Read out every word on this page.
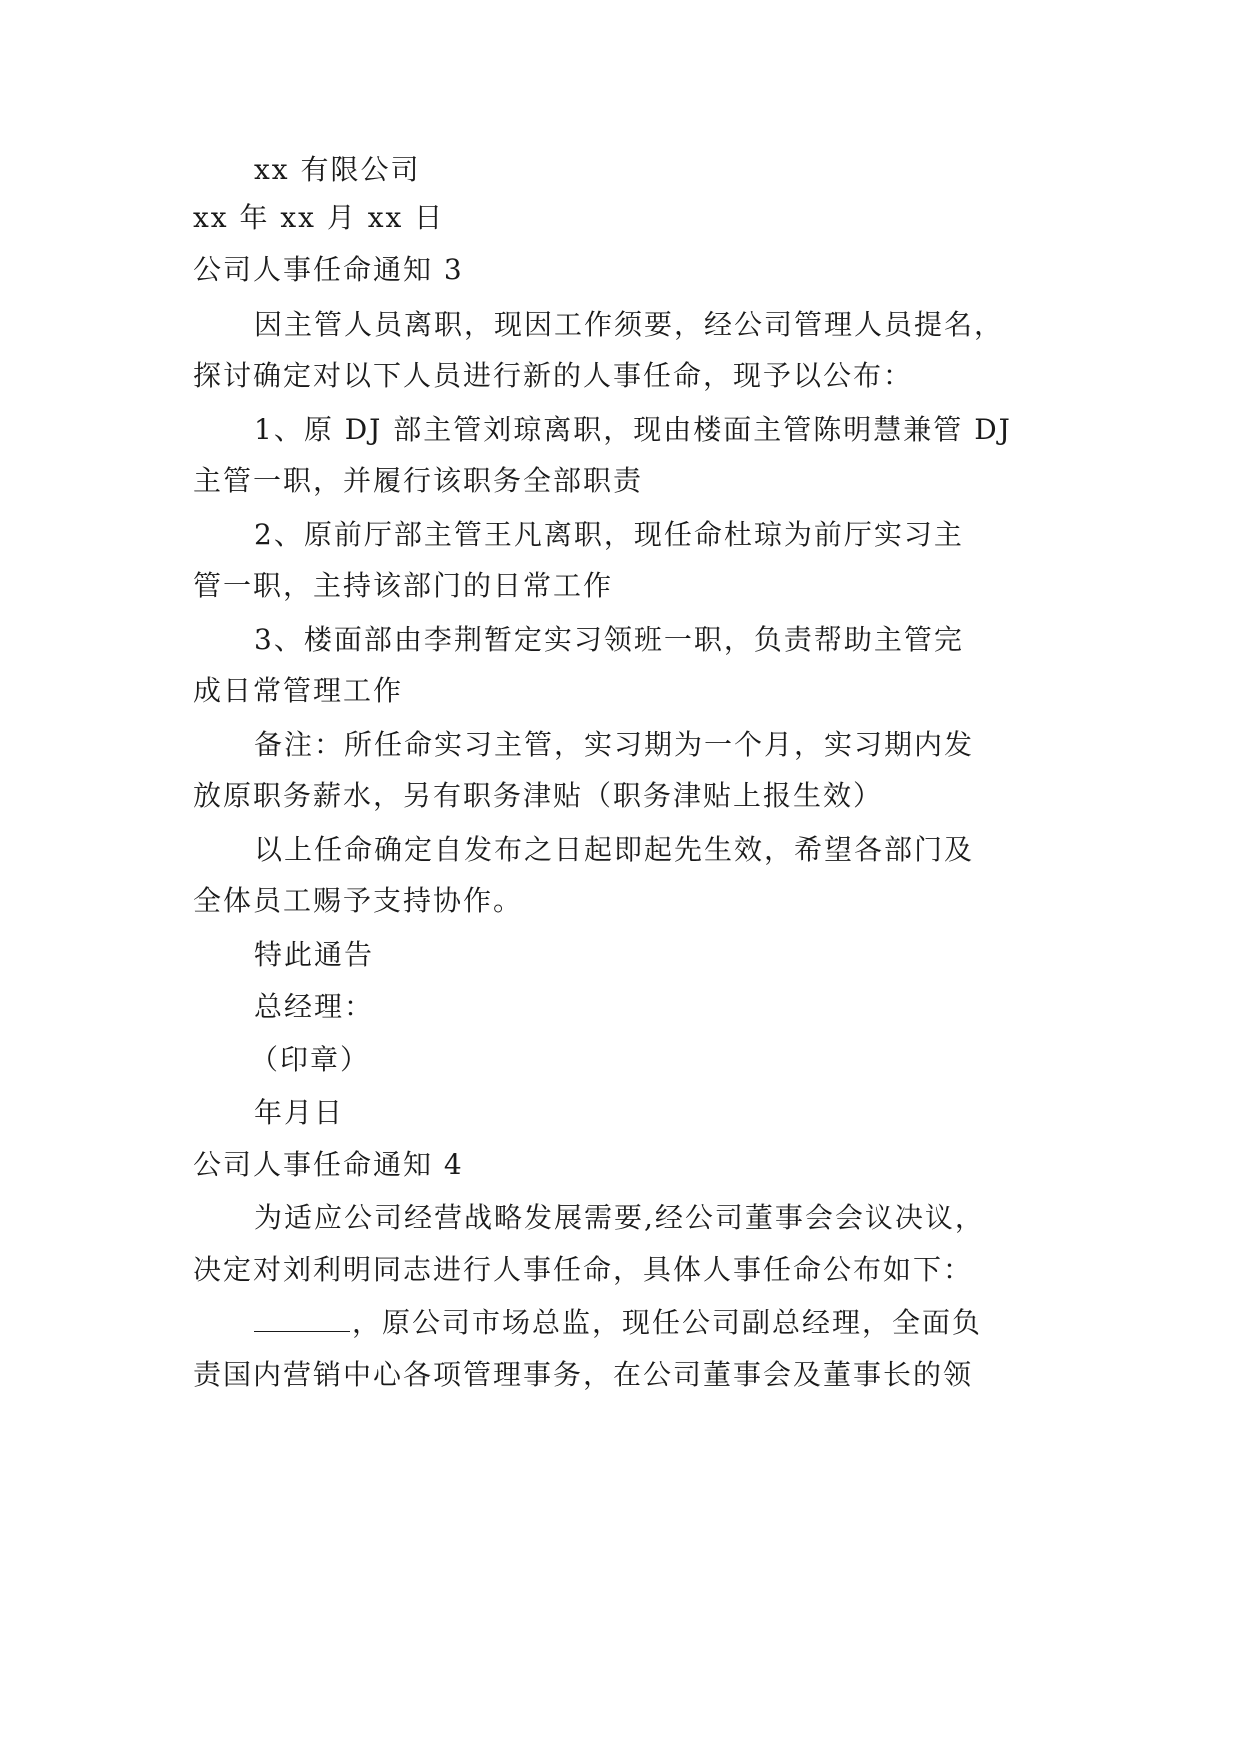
xx 有限公司
xx 年 xx 月 xx 日
公司人事任命通知 3
因主管人员离职，现因工作须要，经公司管理人员提名，
探讨确定对以下人员进行新的人事任命，现予以公布：
1、原 DJ 部主管刘琼离职，现由楼面主管陈明慧兼管 DJ
主管一职，并履行该职务全部职责
2、原前厅部主管王凡离职，现任命杜琼为前厅实习主
管一职，主持该部门的日常工作
3、楼面部由李荆暂定实习领班一职，负责帮助主管完
成日常管理工作
备注：所任命实习主管，实习期为一个月，实习期内发
放原职务薪水，另有职务津贴（职务津贴上报生效）
以上任命确定自发布之日起即起先生效，希望各部门及
全体员工赐予支持协作。
特此通告
总经理：
（印章）
年月日
公司人事任命通知 4
为适应公司经营战略发展需要,经公司董事会会议决议，
决定对刘利明同志进行人事任命，具体人事任命公布如下：
，原公司市场总监，现任公司副总经理，全面负
责国内营销中心各项管理事务，在公司董事会及董事长的领
